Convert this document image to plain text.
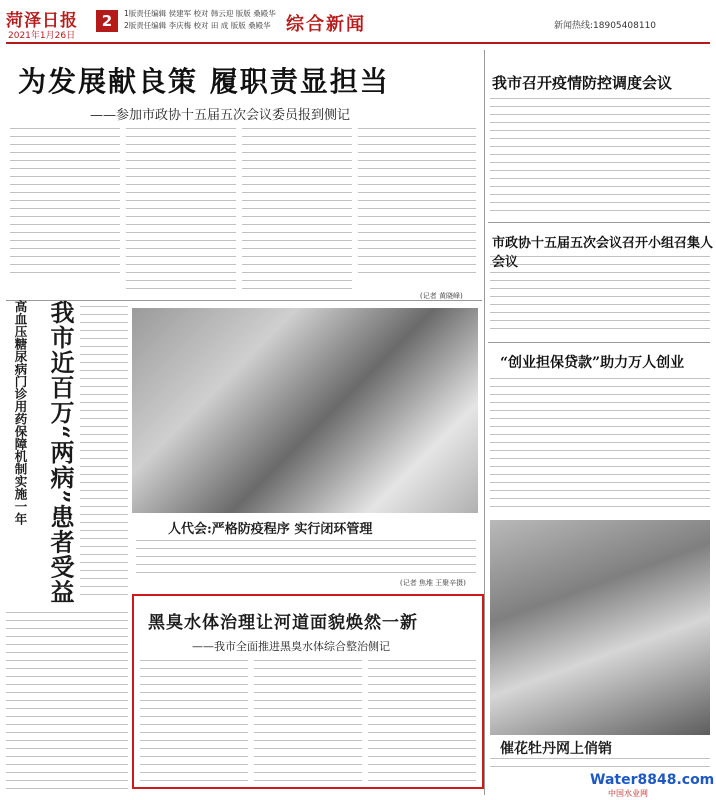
菏泽日报
2021年1月26日
2	1版责任编辑 侯建军 校对 韩云迎 版版 桑殿华
2版责任编辑 李庆梅 校对 田 成 版版 桑殿华 综合新闻	新闻热线:18905408110
为发展献良策 履职责显担当
——参加市政协十五届五次会议委员报到侧记
(记者 黄晓峰)
高血压糖尿病门诊用药保障机制实施一年 我市近百万“两病”患者受益	人代会:严格防疫程序 实行闭环管理
(记者 焦堆 王聚辛摄)
黑臭水体治理让河道面貌焕然一新
——我市全面推进黑臭水体综合整治侧记
我市召开疫情防控调度会议
市政协十五届五次会议召开小组召集人会议
“创业担保贷款”助力万人创业
催花牡丹网上俏销
Water8848.com
中国水业网
